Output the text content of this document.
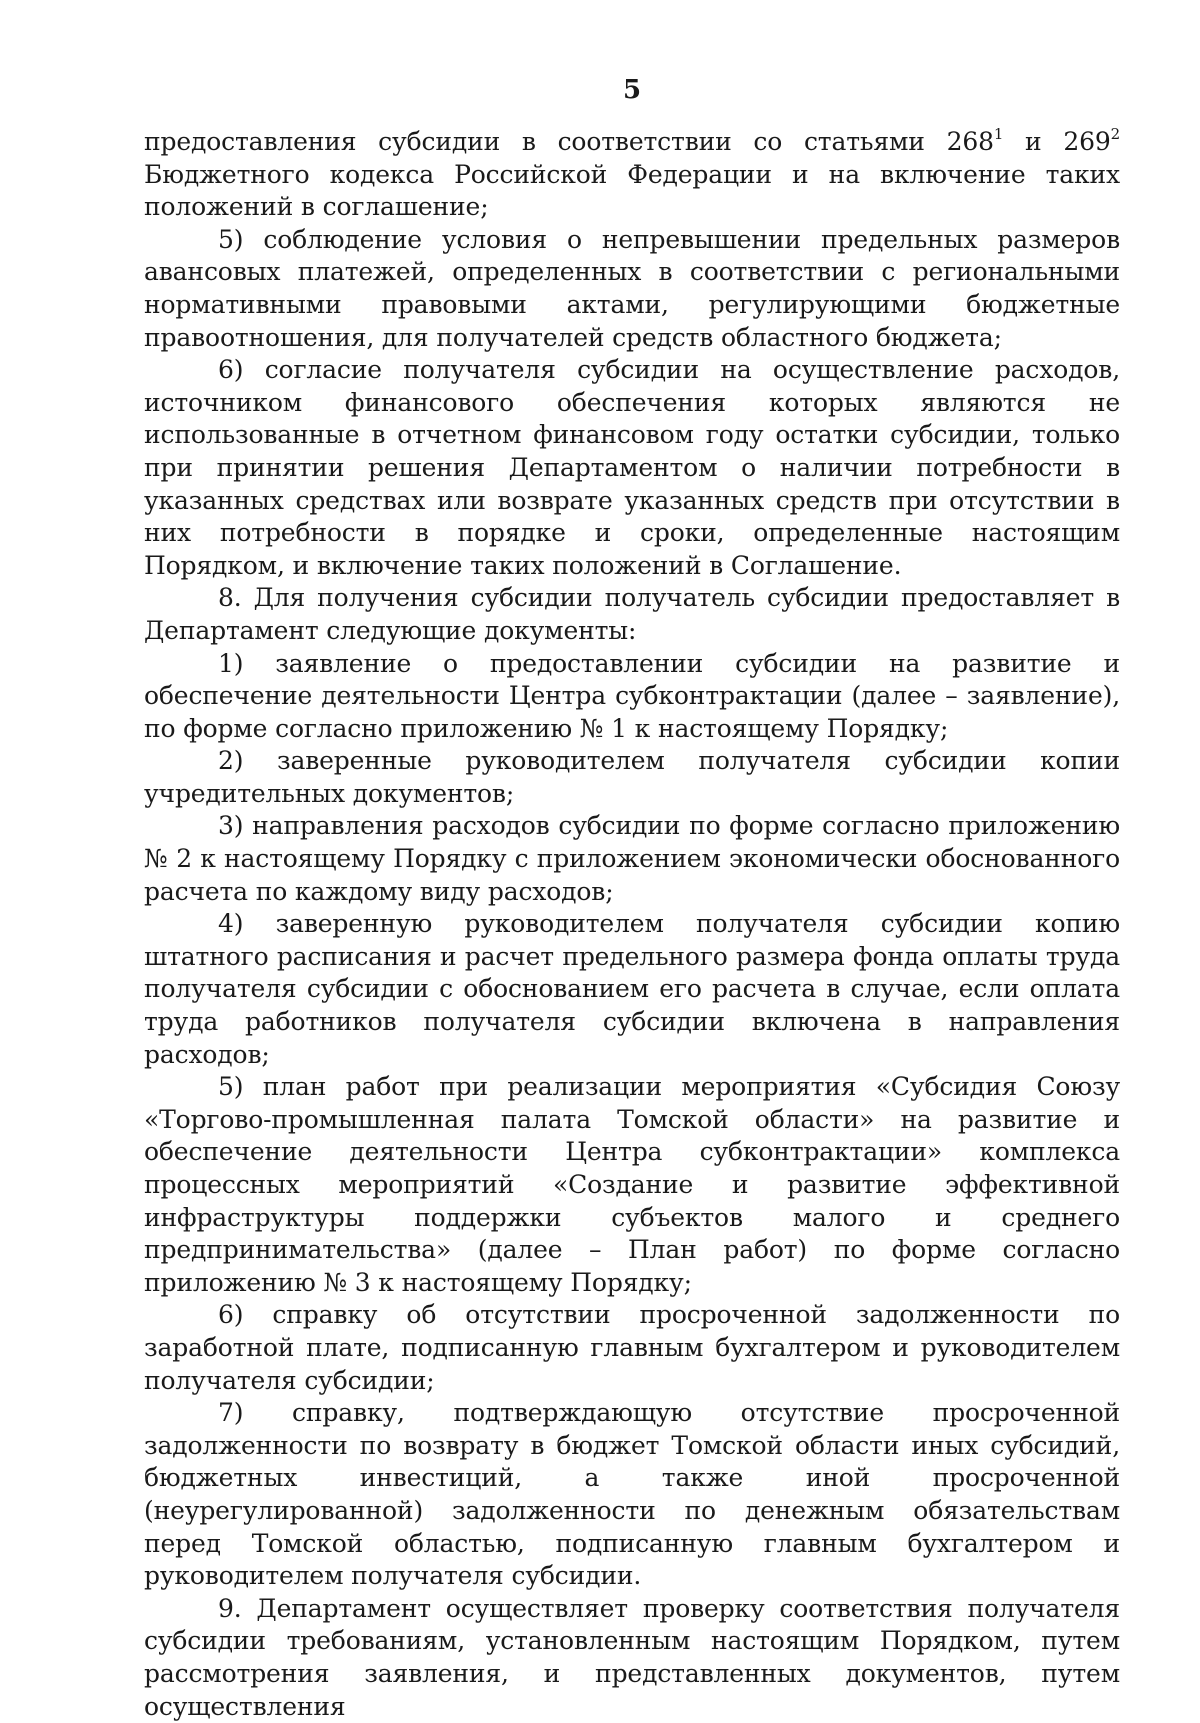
5

предоставления субсидии в соответствии со статьями $268^1$ и $269^2$ Бюджетного кодекса Российской Федерации и на включение таких положений в соглашение;

5) соблюдение условия о непревышении предельных размеров авансовых платежей, определенных в соответствии с региональными нормативными правовыми актами, регулирующими бюджетные правоотношения, для получателей средств областного бюджета;

6) согласие получателя субсидии на осуществление расходов, источником финансового обеспечения которых являются не использованные в отчетном финансовом году остатки субсидии, только при принятии решения Департаментом о наличии потребности в указанных средствах или возврате указанных средств при отсутствии в них потребности в порядке и сроки, определенные настоящим Порядком, и включение таких положений в Соглашение.

8. Для получения субсидии получатель субсидии предоставляет в Департамент следующие документы:

1) заявление о предоставлении субсидии на развитие и обеспечение деятельности Центра субконтрактации (далее – заявление), по форме согласно приложению № 1 к настоящему Порядку;

2) заверенные руководителем получателя субсидии копии учредительных документов;

3) направления расходов субсидии по форме согласно приложению № 2 к настоящему Порядку с приложением экономически обоснованного расчета по каждому виду расходов;

4) заверенную руководителем получателя субсидии копию штатного расписания и расчет предельного размера фонда оплаты труда получателя субсидии с обоснованием его расчета в случае, если оплата труда работников получателя субсидии включена в направления расходов;

5) план работ при реализации мероприятия «Субсидия Союзу «Торгово-промышленная палата Томской области» на развитие и обеспечение деятельности Центра субконтрактации» комплекса процессных мероприятий «Создание и развитие эффективной инфраструктуры поддержки субъектов малого и среднего предпринимательства» (далее – План работ) по форме согласно приложению № 3 к настоящему Порядку;

6) справку об отсутствии просроченной задолженности по заработной плате, подписанную главным бухгалтером и руководителем получателя субсидии;

7) справку, подтверждающую отсутствие просроченной задолженности по возврату в бюджет Томской области иных субсидий, бюджетных инвестиций, а также иной просроченной (неурегулированной) задолженности по денежным обязательствам перед Томской областью, подписанную главным бухгалтером и руководителем получателя субсидии.

9. Департамент осуществляет проверку соответствия получателя субсидии требованиям, установленным настоящим Порядком, путем рассмотрения заявления, и представленных документов, путем осуществления
